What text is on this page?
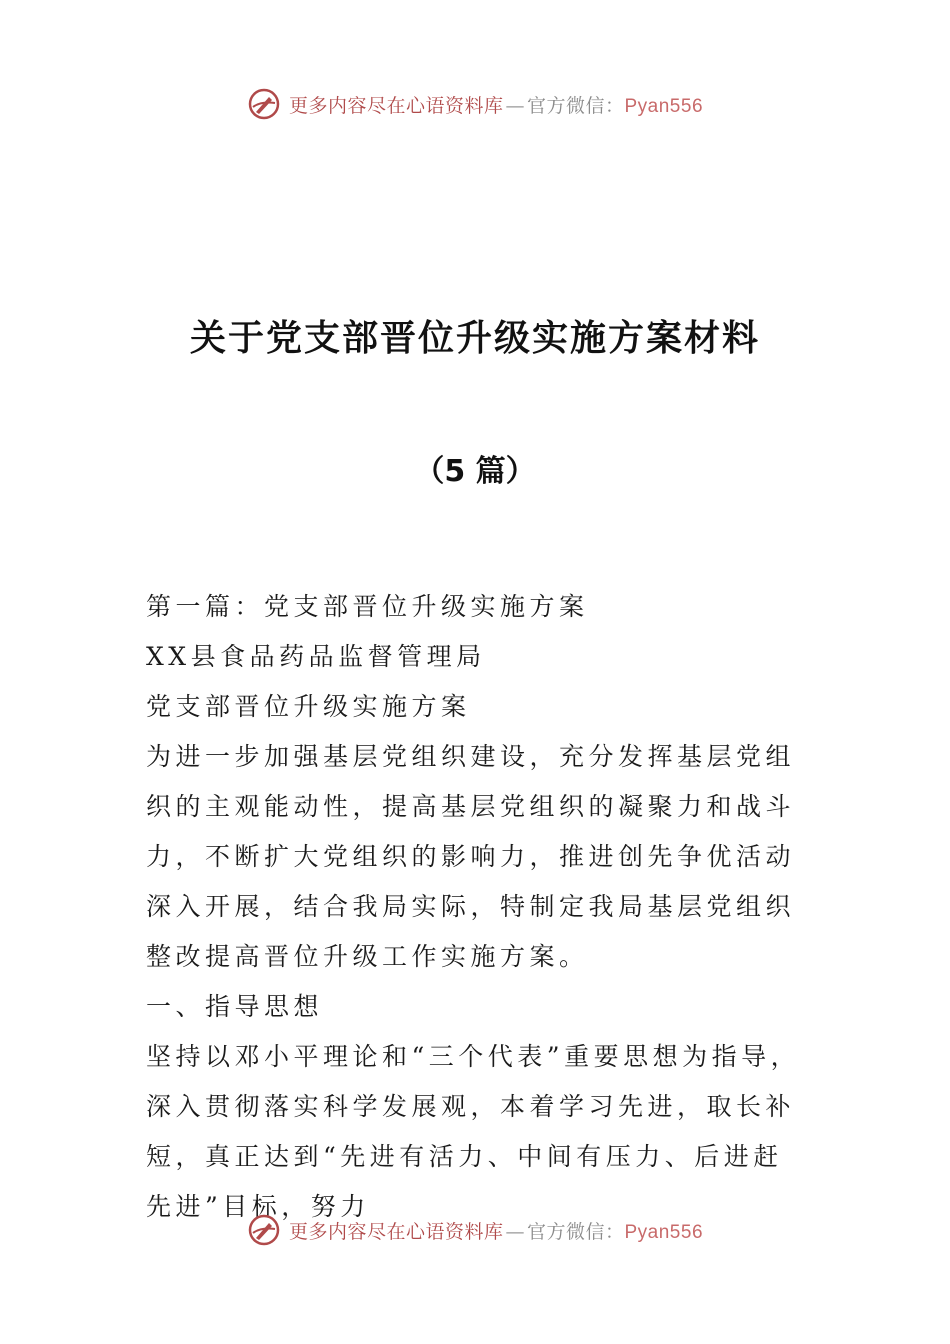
更多内容尽在心语资料库 — 官方微信：Pyan556
关于党支部晋位升级实施方案材料
（5 篇）

第一篇：党支部晋位升级实施方案

XX县食品药品监督管理局

党支部晋位升级实施方案

为进一步加强基层党组织建设，充分发挥基层党组织的主观能动性，提高基层党组织的凝聚力和战斗力，不断扩大党组织的影响力，推进创先争优活动深入开展，结合我局实际，特制定我局基层党组织整改提高晋位升级工作实施方案。

一、指导思想

坚持以邓小平理论和“三个代表”重要思想为指导，深入贯彻落实科学发展观，本着学习先进，取长补短，真正达到“先进有活力、中间有压力、后进赶先进”目标，努力

更多内容尽在心语资料库 — 官方微信：Pyan556
